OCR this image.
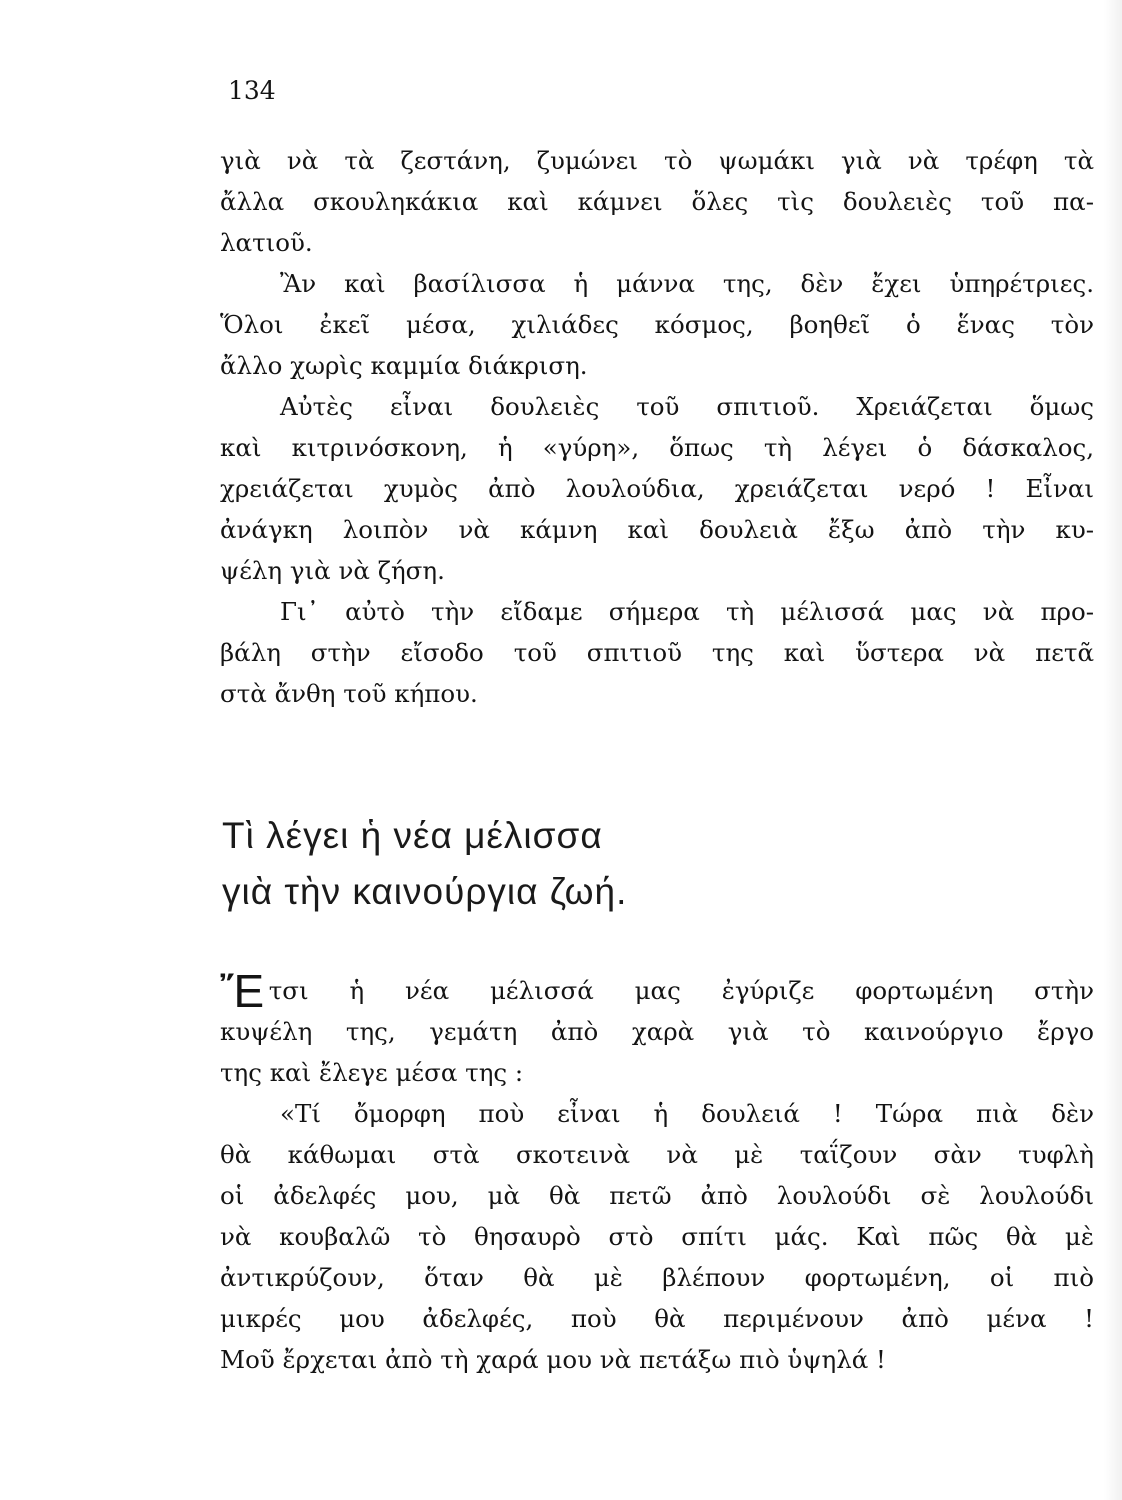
134
γιὰ νὰ τὰ ζεστάνη, ζυμώνει τὸ ψωμάκι γιὰ νὰ τρέφη τὰ
ἄλλα σκουληκάκια καὶ κάμνει ὅλες τὶς δουλειὲς τοῦ πα-
λατιοῦ.
Ἂν καὶ βασίλισσα ἡ μάννα της, δὲν ἔχει ὑπηρέτριες.
Ὅλοι ἐκεῖ μέσα, χιλιάδες κόσμος, βοηθεῖ ὁ ἕνας τὸν
ἄλλο χωρὶς καμμία διάκριση.
Αὐτὲς εἶναι δουλειὲς τοῦ σπιτιοῦ. Χρειάζεται ὅμως
καὶ κιτρινόσκονη, ἡ «γύρη», ὅπως τὴ λέγει ὁ δάσκαλος,
χρειάζεται χυμὸς ἀπὸ λουλούδια, χρειάζεται νερό ! Εἶναι
ἀνάγκη λοιπὸν νὰ κάμνη καὶ δουλειὰ ἔξω ἀπὸ τὴν κυ-
ψέλη γιὰ νὰ ζήση.
Γι᾽ αὐτὸ τὴν εἴδαμε σήμερα τὴ μέλισσά μας νὰ προ-
βάλη στὴν εἴσοδο τοῦ σπιτιοῦ της καὶ ὕστερα νὰ πετᾶ
στὰ ἄνθη τοῦ κήπου.
Τὶ λέγει ἡ νέα μέλισσα
γιὰ τὴν καινούργια ζωή.
Ἔτσι ἡ νέα μέλισσά μας ἐγύριζε φορτωμένη στὴν
κυψέλη της, γεμάτη ἀπὸ χαρὰ γιὰ τὸ καινούργιο ἔργο
της καὶ ἔλεγε μέσα της :
«Τί ὄμορφη ποὺ εἶναι ἡ δουλειά ! Τώρα πιὰ δὲν
θὰ κάθωμαι στὰ σκοτεινὰ νὰ μὲ ταΐζουν σὰν τυφλὴ
οἱ ἀδελφές μου, μὰ θὰ πετῶ ἀπὸ λουλούδι σὲ λουλούδι
νὰ κουβαλῶ τὸ θησαυρὸ στὸ σπίτι μάς. Καὶ πῶς θὰ μὲ
ἀντικρύζουν, ὅταν θὰ μὲ βλέπουν φορτωμένη, οἱ πιὸ
μικρές μου ἀδελφές, ποὺ θὰ περιμένουν ἀπὸ μένα !
Μοῦ ἔρχεται ἀπὸ τὴ χαρά μου νὰ πετάξω πιὸ ὑψηλά !
